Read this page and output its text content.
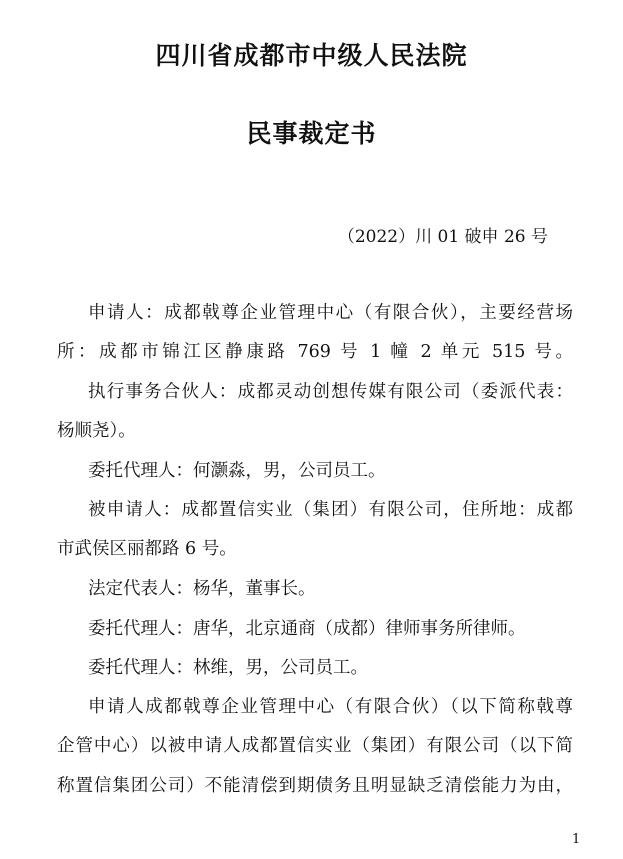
四川省成都市中级人民法院
民事裁定书
（2022）川 01 破申 26 号
申请人：成都戟尊企业管理中心（有限合伙），主要经营场
所：成都市锦江区静康路 769 号 1 幢 2 单元 515 号。
执行事务合伙人：成都灵动创想传媒有限公司（委派代表：
杨顺尧）。
委托代理人：何灏淼，男，公司员工。
被申请人：成都置信实业（集团）有限公司，住所地：成都
市武侯区丽都路 6 号。
法定代表人：杨华，董事长。
委托代理人：唐华，北京通商（成都）律师事务所律师。
委托代理人：林维，男，公司员工。
申请人成都戟尊企业管理中心（有限合伙）（以下简称戟尊
企管中心）以被申请人成都置信实业（集团）有限公司（以下简
称置信集团公司）不能清偿到期债务且明显缺乏清偿能力为由，
1
